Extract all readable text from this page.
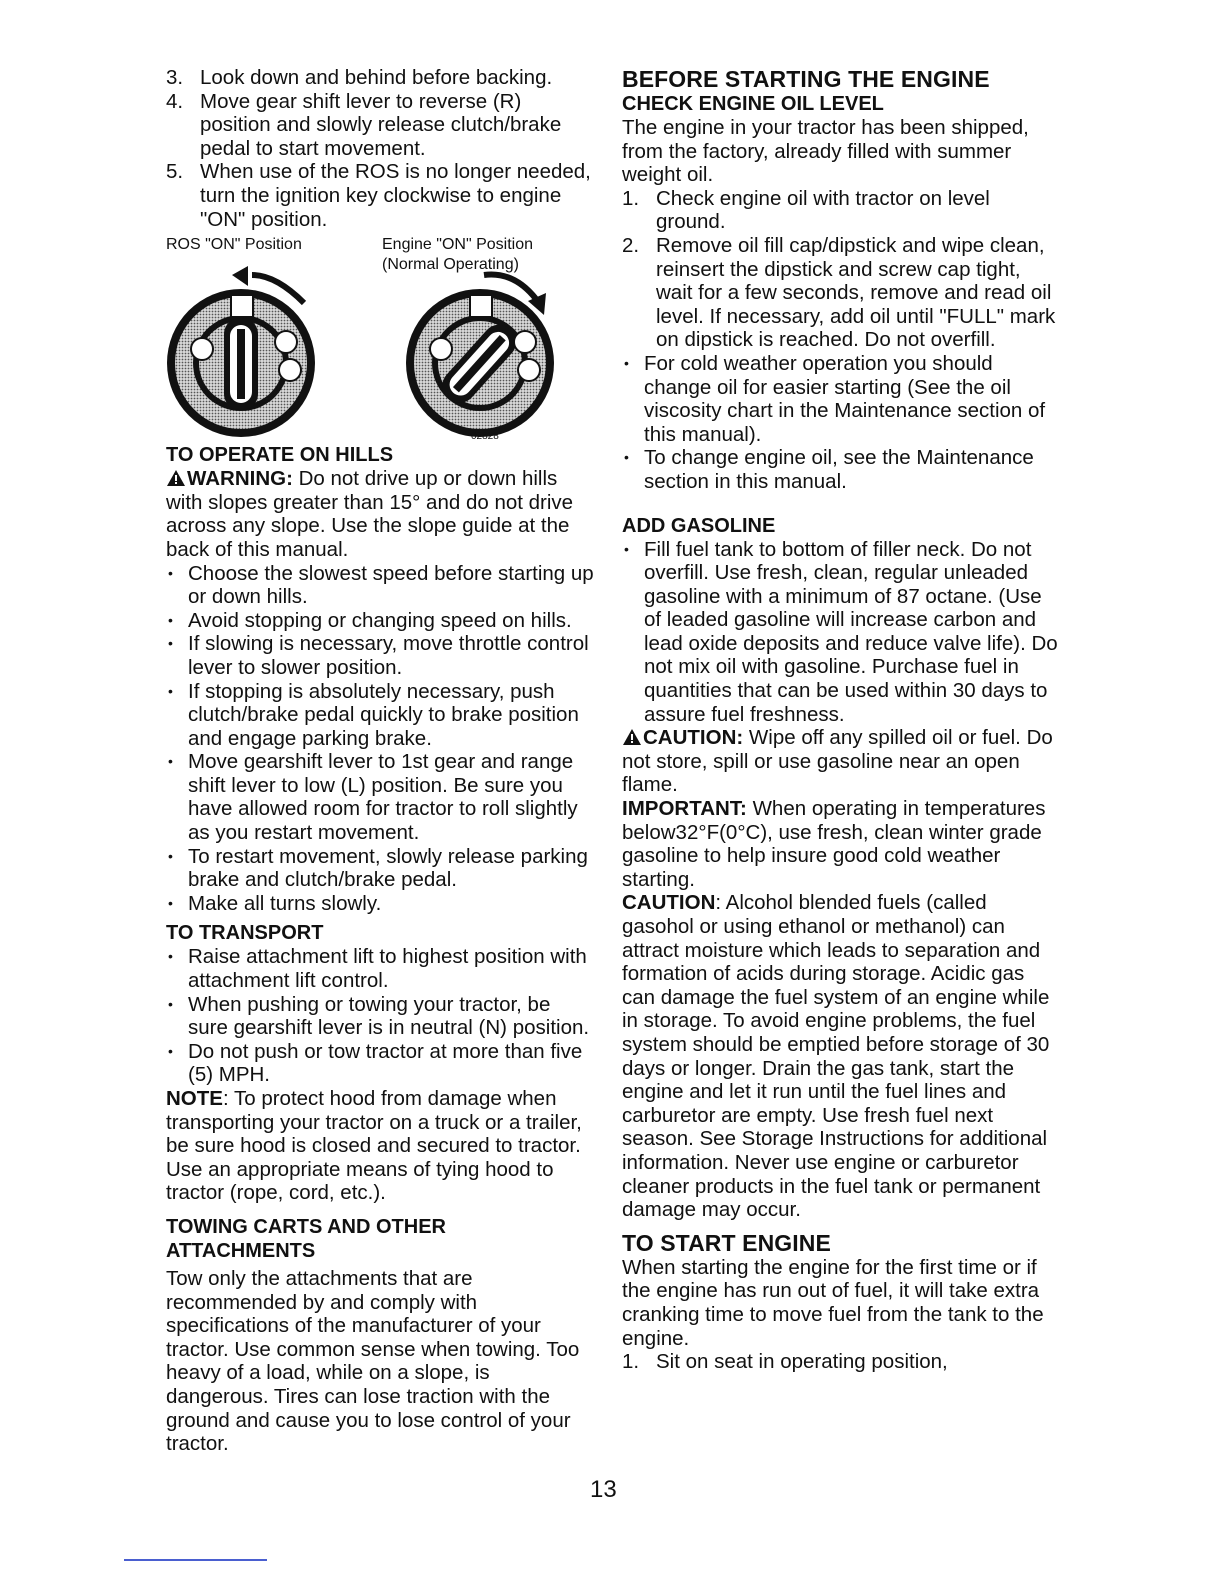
3. Look down and behind before backing.
4. Move gear shift lever to reverse (R) position and slowly release clutch/brake pedal to start movement.
5. When use of the ROS is no longer needed, turn the ignition key clockwise to engine "ON" position.
ROS "ON" Position	Engine "ON" Position
(Normal Operating)
02828
TO OPERATE ON HILLS

WARNING: Do not drive up or down hills with slopes greater than 15° and do not drive across any slope. Use the slope guide at the back of this manual.

• Choose the slowest speed before starting up or down hills.
• Avoid stopping or changing speed on hills.
• If slowing is necessary, move throttle control lever to slower position.
• If stopping is absolutely necessary, push clutch/brake pedal quickly to brake position and engage parking brake.
• Move gearshift lever to 1st gear and range shift lever to low (L) position. Be sure you have allowed room for tractor to roll slightly as you restart movement.
• To restart movement, slowly release parking brake and clutch/brake pedal.
• Make all turns slowly.
TO TRANSPORT
• Raise attachment lift to highest position with attachment lift control.
• When pushing or towing your tractor, be sure gearshift lever is in neutral (N) position.
• Do not push or tow tractor at more than five (5) MPH.

NOTE: To protect hood from damage when transporting your tractor on a truck or a trailer, be sure hood is closed and secured to tractor. Use an appropriate means of tying hood to tractor (rope, cord, etc.).

TOWING CARTS AND OTHER ATTACHMENTS

Tow only the attachments that are recommended by and comply with specifications of the manufacturer of your tractor. Use common sense when towing. Too heavy of a load, while on a slope, is dangerous. Tires can lose traction with the ground and cause you to lose control of your tractor.

BEFORE STARTING THE ENGINE
CHECK ENGINE OIL LEVEL

The engine in your tractor has been shipped, from the factory, already filled with summer weight oil.

1. Check engine oil with tractor on level ground.
2. Remove oil fill cap/dipstick and wipe clean, reinsert the dipstick and screw cap tight, wait for a few seconds, remove and read oil level. If necessary, add oil until "FULL" mark on dipstick is reached. Do not overfill.
• For cold weather operation you should change oil for easier starting (See the oil viscosity chart in the Maintenance section of this manual).
• To change engine oil, see the Maintenance section in this manual.
ADD GASOLINE
• Fill fuel tank to bottom of filler neck. Do not overfill. Use fresh, clean, regular unleaded gasoline with a minimum of 87 octane. (Use of leaded gasoline will increase carbon and lead oxide deposits and reduce valve life). Do not mix oil with gasoline. Purchase fuel in quantities that can be used within 30 days to assure fuel freshness.

CAUTION: Wipe off any spilled oil or fuel. Do not store, spill or use gasoline near an open flame.

IMPORTANT: When operating in temperatures below32°F(0°C), use fresh, clean winter grade gasoline to help insure good cold weather starting.

CAUTION: Alcohol blended fuels (called gasohol or using ethanol or methanol) can attract moisture which leads to separation and formation of acids during storage. Acidic gas can damage the fuel system of an engine while in storage. To avoid engine problems, the fuel system should be emptied before storage of 30 days or longer. Drain the gas tank, start the engine and let it run until the fuel lines and carburetor are empty. Use fresh fuel next season. See Storage Instructions for additional information. Never use engine or carburetor cleaner products in the fuel tank or permanent damage may occur.

TO START ENGINE

When starting the engine for the first time or if the engine has run out of fuel, it will take extra cranking time to move fuel from the tank to the engine.

1. Sit on seat in operating position,
13
